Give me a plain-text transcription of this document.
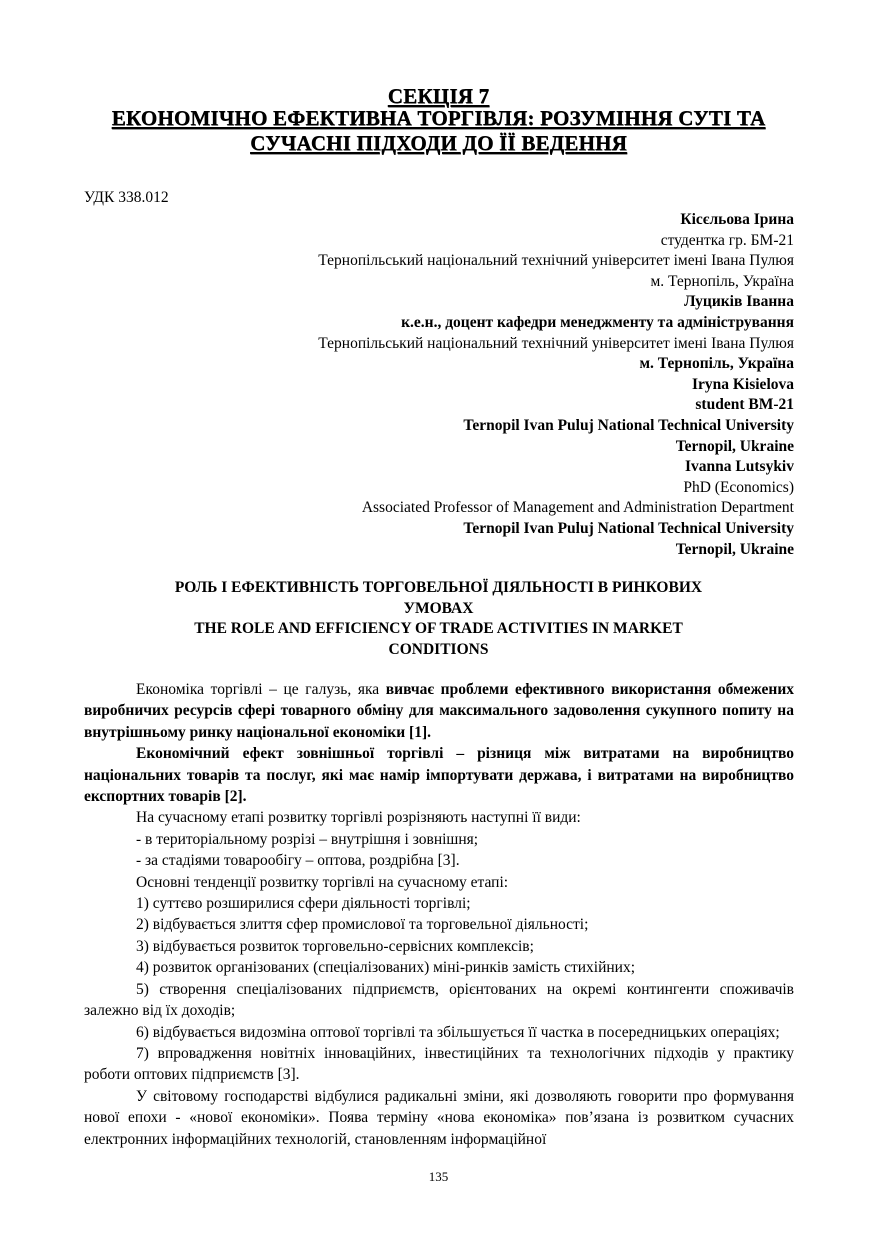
СЕКЦІЯ 7
ЕКОНОМІЧНО ЕФЕКТИВНА ТОРГІВЛЯ: РОЗУМІННЯ СУТІ ТА
СУЧАСНІ ПІДХОДИ ДО ЇЇ ВЕДЕННЯ
УДК 338.012
Кісєльова Ірина
студентка гр. БМ-21
Тернопільський національний технічний університет імені Івана Пулюя
м. Тернопіль, Україна
Луциків Іванна
к.е.н., доцент кафедри менеджменту та адміністрування
Тернопільський національний технічний університет імені Івана Пулюя
м. Тернопіль, Україна
Iryna Kisielova
student BM-21
Ternopil Ivan Puluj National Technical University
Ternopil, Ukraine
Ivanna Lutsykiv
PhD (Economics)
Associated Professor of Management and Administration Department
Ternopil Ivan Puluj National Technical University
Ternopil, Ukraine
РОЛЬ І ЕФЕКТИВНІСТЬ ТОРГОВЕЛЬНОЇ ДІЯЛЬНОСТІ В РИНКОВИХ
УМОВАХ
THE ROLE AND EFFICIENCY OF TRADE ACTIVITIES IN MARKET
CONDITIONS

Економіка торгівлі – це галузь, яка вивчає проблеми ефективного використання обмежених виробничих ресурсів сфері товарного обміну для максимального задоволення сукупного попиту на внутрішньому ринку національної економіки [1].

Економічний ефект зовнішньої торгівлі – різниця між витратами на виробництво національних товарів та послуг, які має намір імпортувати держава, і витратами на виробництво експортних товарів [2].

На сучасному етапі розвитку торгівлі розрізняють наступні її види:

- в територіальному розрізі – внутрішня і зовнішня;

- за стадіями товарообігу – оптова, роздрібна [3].

Основні тенденції розвитку торгівлі на сучасному етапі:

1) суттєво розширилися сфери діяльності торгівлі;

2) відбувається злиття сфер промислової та торговельної діяльності;

3) відбувається розвиток торговельно-сервісних комплексів;

4) розвиток організованих (спеціалізованих) міні-ринків замість стихійних;

5) створення спеціалізованих підприємств, орієнтованих на окремі контингенти споживачів залежно від їх доходів;

6) відбувається видозміна оптової торгівлі та збільшується її частка в посередницьких операціях;

7) впровадження новітніх інноваційних, інвестиційних та технологічних підходів у практику роботи оптових підприємств [3].

У світовому господарстві відбулися радикальні зміни, які дозволяють говорити про формування нової епохи - «нової економіки». Поява терміну «нова економіка» пов’язана із розвитком сучасних електронних інформаційних технологій, становленням інформаційної

135
